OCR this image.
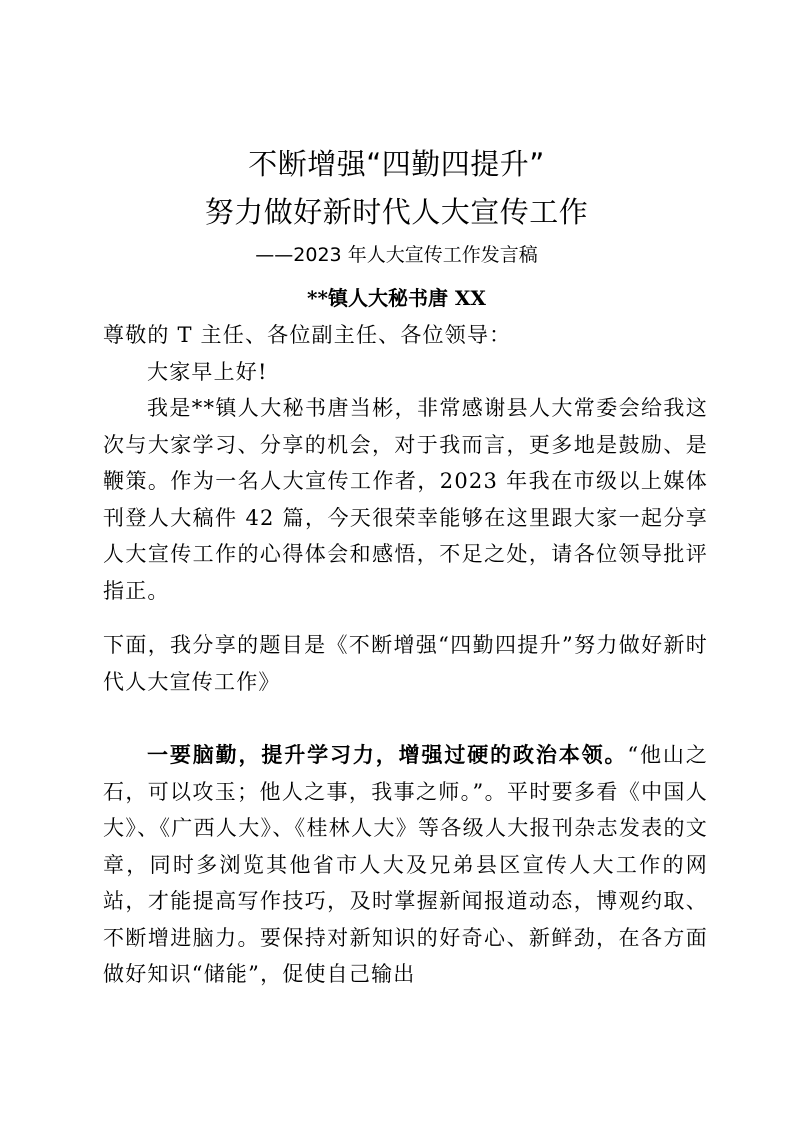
不断增强“四勤四提升”
努力做好新时代人大宣传工作
——2023 年人大宣传工作发言稿
**镇人大秘书唐 XX

尊敬的 T 主任、各位副主任、各位领导：

大家早上好!

我是**镇人大秘书唐当彬，非常感谢县人大常委会给我这次与大家学习、分享的机会，对于我而言，更多地是鼓励、是鞭策。作为一名人大宣传工作者，2023 年我在市级以上媒体刊登人大稿件 42 篇，今天很荣幸能够在这里跟大家一起分享人大宣传工作的心得体会和感悟，不足之处，请各位领导批评指正。

下面，我分享的题目是《不断增强“四勤四提升”努力做好新时代人大宣传工作》

一要脑勤，提升学习力，增强过硬的政治本领。“他山之石，可以攻玉；他人之事，我事之师。”。平时要多看《中国人大》、《广西人大》、《桂林人大》等各级人大报刊杂志发表的文章，同时多浏览其他省市人大及兄弟县区宣传人大工作的网站，才能提高写作技巧，及时掌握新闻报道动态，博观约取、不断增进脑力。要保持对新知识的好奇心、新鲜劲，在各方面做好知识“储能”，促使自己输出
